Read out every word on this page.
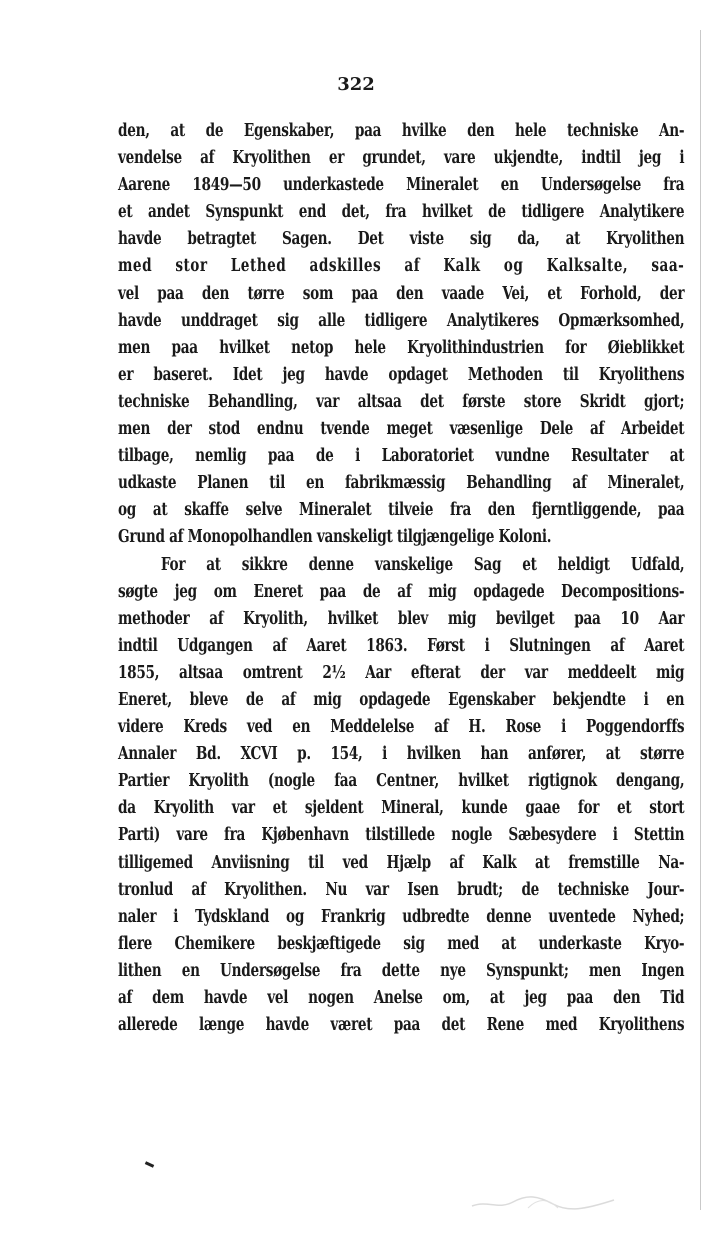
322
den, at de Egenskaber, paa hvilke den hele techniske An-
vendelse af Kryolithen er grundet, vare ukjendte, indtil jeg i
Aarene 1849—50 underkastede Mineralet en Undersøgelse fra
et andet Synspunkt end det, fra hvilket de tidligere Analytikere
havde betragtet Sagen. Det viste sig da, at Kryolithen
med stor Lethed adskilles af Kalk og Kalksalte, saa-
vel paa den tørre som paa den vaade Vei, et Forhold, der
havde unddraget sig alle tidligere Analytikeres Opmærksomhed,
men paa hvilket netop hele Kryolithindustrien for Øieblikket
er baseret. Idet jeg havde opdaget Methoden til Kryolithens
techniske Behandling, var altsaa det første store Skridt gjort;
men der stod endnu tvende meget væsenlige Dele af Arbeidet
tilbage, nemlig paa de i Laboratoriet vundne Resultater at
udkaste Planen til en fabrikmæssig Behandling af Mineralet,
og at skaffe selve Mineralet tilveie fra den fjerntliggende, paa
Grund af Monopolhandlen vanskeligt tilgjængelige Koloni.
For at sikkre denne vanskelige Sag et heldigt Udfald,
søgte jeg om Eneret paa de af mig opdagede Decompositions-
methoder af Kryolith, hvilket blev mig bevilget paa 10 Aar
indtil Udgangen af Aaret 1863. Først i Slutningen af Aaret
1855, altsaa omtrent 2½ Aar efterat der var meddeelt mig
Eneret, bleve de af mig opdagede Egenskaber bekjendte i en
videre Kreds ved en Meddelelse af H. Rose i Poggendorffs
Annaler Bd. XCVI p. 154, i hvilken han anfører, at større
Partier Kryolith (nogle faa Centner, hvilket rigtignok dengang,
da Kryolith var et sjeldent Mineral, kunde gaae for et stort
Parti) vare fra Kjøbenhavn tilstillede nogle Sæbesydere i Stettin
tilligemed Anviisning til ved Hjælp af Kalk at fremstille Na-
tronlud af Kryolithen. Nu var Isen brudt; de techniske Jour-
naler i Tydskland og Frankrig udbredte denne uventede Nyhed;
flere Chemikere beskjæftigede sig med at underkaste Kryo-
lithen en Undersøgelse fra dette nye Synspunkt; men Ingen
af dem havde vel nogen Anelse om, at jeg paa den Tid
allerede længe havde været paa det Rene med Kryolithens
